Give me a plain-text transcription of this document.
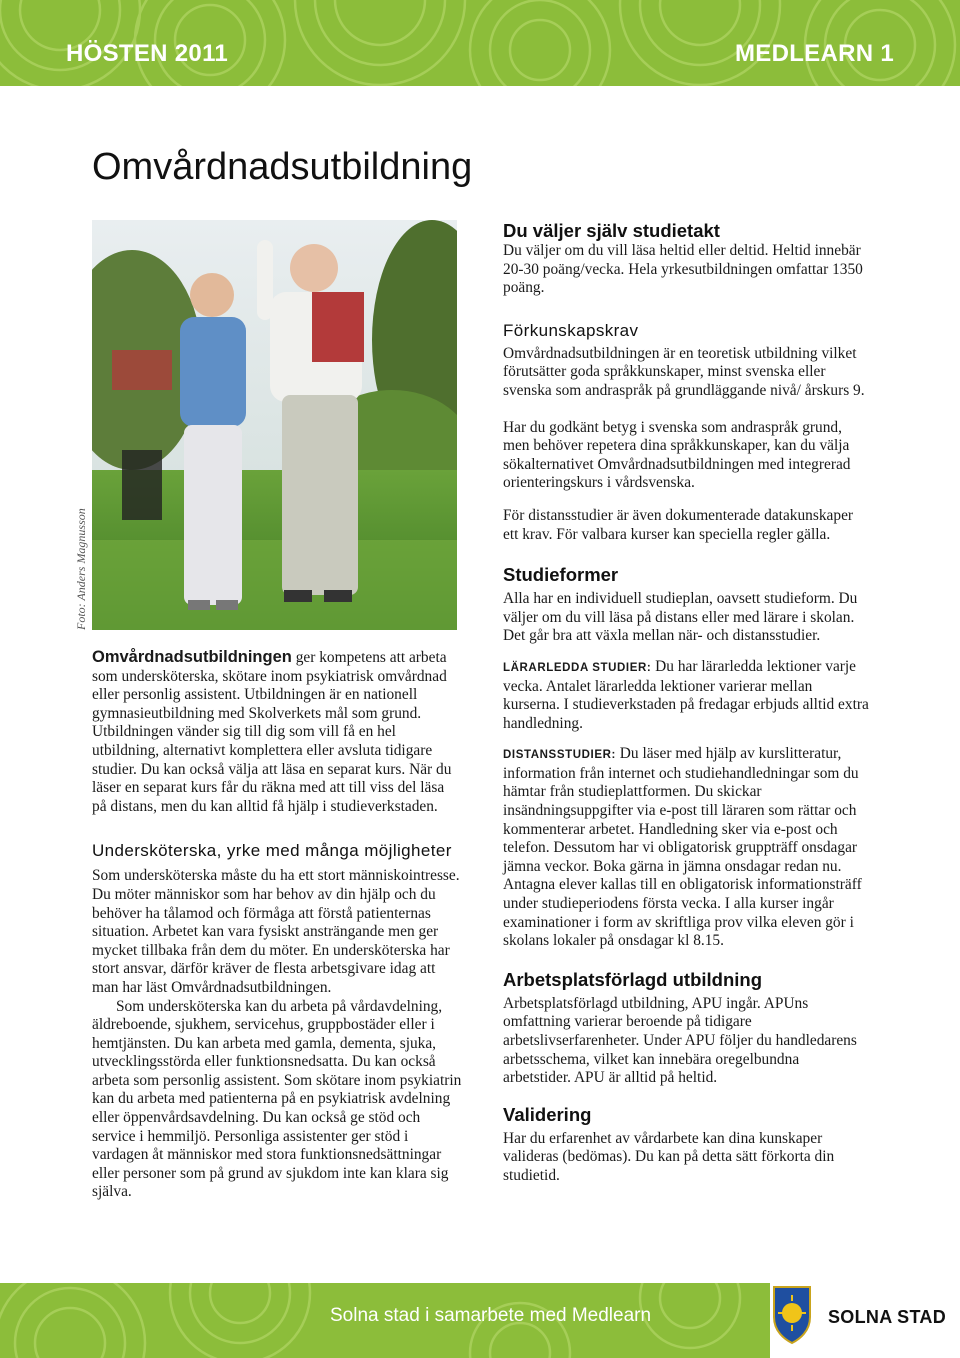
HÖSTEN 2011	MEDLEARN 1
Omvårdnadsutbildning
Foto: Anders Magnusson

Omvårdnadsutbildningen ger kompetens att arbeta som undersköterska, skötare inom psykiatrisk omvårdnad eller personlig assistent. Utbildningen är en nationell gymnasieutbildning med Skolverkets mål som grund. Utbildningen vänder sig till dig som vill få en hel utbildning, alternativt komplettera eller avsluta tidigare studier. Du kan också välja att läsa en separat kurs. När du läser en separat kurs får du räkna med att till viss del läsa på distans, men du kan alltid få hjälp i studieverkstaden.

Undersköterska, yrke med många möjligheter

Som undersköterska måste du ha ett stort människointresse. Du möter människor som har behov av din hjälp och du behöver ha tålamod och förmåga att förstå patienternas situation. Arbetet kan vara fysiskt ansträngande men ger mycket tillbaka från dem du möter. En undersköterska har stort ansvar, därför kräver de flesta arbetsgivare idag att man har läst Omvårdnadsutbildningen.

Som undersköterska kan du arbeta på vårdavdelning, äldreboende, sjukhem, servicehus, gruppbostäder eller i hemtjänsten. Du kan arbeta med gamla, dementa, sjuka, utvecklingsstörda eller funktionsnedsatta. Du kan också arbeta som personlig assistent. Som skötare inom psykiatrin kan du arbeta med patienterna på en psykiatrisk avdelning eller öppenvårdsavdelning. Du kan också ge stöd och service i hemmiljö. Personliga assistenter ger stöd i vardagen åt människor med stora funktionsnedsättningar eller personer som på grund av sjukdom inte kan klara sig själva.

Du väljer själv studietakt

Du väljer om du vill läsa heltid eller deltid. Heltid innebär 20-30 poäng/vecka. Hela yrkesutbildningen omfattar 1350 poäng.

Förkunskapskrav

Omvårdnadsutbildningen är en teoretisk utbildning vilket förutsätter goda språkkunskaper, minst svenska eller svenska som andraspråk på grundläggande nivå/ årskurs 9.

Har du godkänt betyg i svenska som andraspråk grund, men behöver repetera dina språkkunskaper, kan du välja sökalternativet Omvårdnadsutbildningen med integrerad orienteringskurs i vårdsvenska.

För distansstudier är även dokumenterade datakunskaper ett krav. För valbara kurser kan speciella regler gälla.

Studieformer

Alla har en individuell studieplan, oavsett studieform. Du väljer om du vill läsa på distans eller med lärare i skolan. Det går bra att växla mellan när- och distansstudier.

LÄRARLEDDA STUDIER: Du har lärarledda lektioner varje vecka. Antalet lärarledda lektioner varierar mellan kurserna. I studieverkstaden på fredagar erbjuds alltid extra handledning.

DISTANSSTUDIER: Du läser med hjälp av kurslitteratur, information från internet och studiehandledningar som du hämtar från studieplattformen. Du skickar insändningsuppgifter via e-post till läraren som rättar och kommenterar arbetet. Handledning sker via e-post och telefon. Dessutom har vi obligatorisk gruppträff onsdagar jämna veckor. Boka gärna in jämna onsdagar redan nu. Antagna elever kallas till en obligatorisk informationsträff under studieperiodens första vecka. I alla kurser ingår examinationer i form av skriftliga prov vilka eleven gör i skolans lokaler på onsdagar kl 8.15.

Arbetsplatsförlagd utbildning

Arbetsplatsförlagd utbildning, APU ingår. APUns omfattning varierar beroende på tidigare arbetslivserfarenheter. Under APU följer du handledarens arbetsschema, vilket kan innebära oregelbundna arbetstider. APU är alltid på heltid.

Validering

Har du erfarenhet av vårdarbete kan dina kunskaper valideras (bedömas). Du kan på detta sätt förkorta din studietid.

Solna stad i samarbete med Medlearn	SOLNA STAD
